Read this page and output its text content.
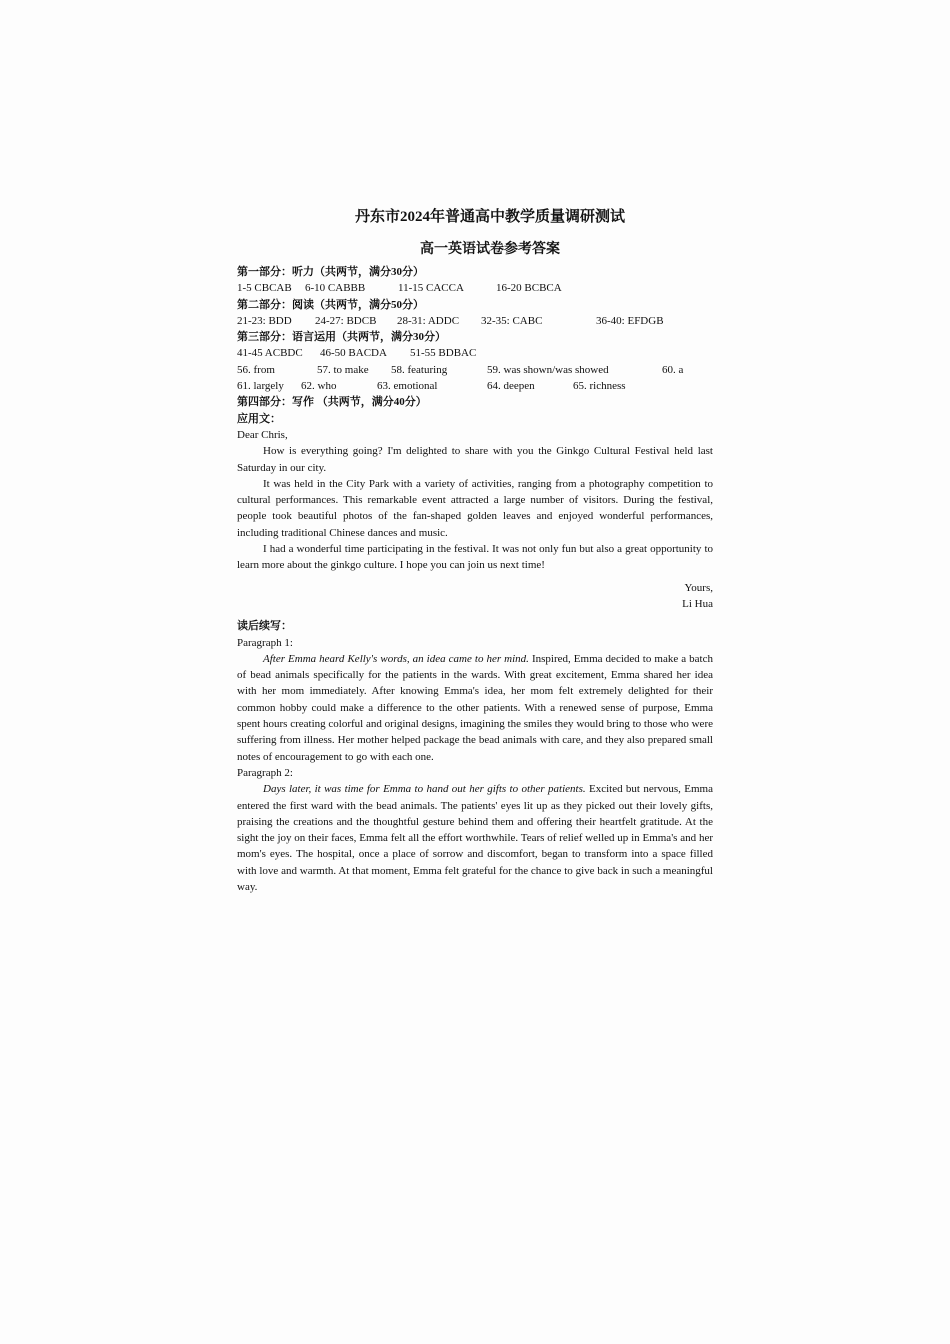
丹东市2024年普通高中教学质量调研测试
高一英语试卷参考答案
第一部分：听力（共两节，满分30分）
1-5 CBCAB	6-10 CABBB	11-15 CACCA	16-20 BCBCA
第二部分：阅读（共两节，满分50分）
21-23: BDD	24-27: BDCB	28-31: ADDC	32-35: CABC	36-40: EFDGB
第三部分：语言运用（共两节，满分30分）
41-45 ACBDC	46-50 BACDA	51-55 BDBAC
56. from	57. to make	58. featuring	59. was shown/was showed	60. a
61. largely	62. who	63. emotional	64. deepen	65. richness
第四部分：写作 （共两节，满分40分）
应用文：

Dear Chris,

How is everything going? I'm delighted to share with you the Ginkgo Cultural Festival held last Saturday in our city.

It was held in the City Park with a variety of activities, ranging from a photography competition to cultural performances. This remarkable event attracted a large number of visitors. During the festival, people took beautiful photos of the fan-shaped golden leaves and enjoyed wonderful performances, including traditional Chinese dances and music.

I had a wonderful time participating in the festival. It was not only fun but also a great opportunity to learn more about the ginkgo culture. I hope you can join us next time!

Yours,

Li Hua

读后续写：

Paragraph 1:

After Emma heard Kelly's words, an idea came to her mind. Inspired, Emma decided to make a batch of bead animals specifically for the patients in the wards. With great excitement, Emma shared her idea with her mom immediately. After knowing Emma's idea, her mom felt extremely delighted for their common hobby could make a difference to the other patients. With a renewed sense of purpose, Emma spent hours creating colorful and original designs, imagining the smiles they would bring to those who were suffering from illness. Her mother helped package the bead animals with care, and they also prepared small notes of encouragement to go with each one.

Paragraph 2:

Days later, it was time for Emma to hand out her gifts to other patients. Excited but nervous, Emma entered the first ward with the bead animals. The patients' eyes lit up as they picked out their lovely gifts, praising the creations and the thoughtful gesture behind them and offering their heartfelt gratitude. At the sight the joy on their faces, Emma felt all the effort worthwhile. Tears of relief welled up in Emma's and her mom's eyes. The hospital, once a place of sorrow and discomfort, began to transform into a space filled with love and warmth. At that moment, Emma felt grateful for the chance to give back in such a meaningful way.
